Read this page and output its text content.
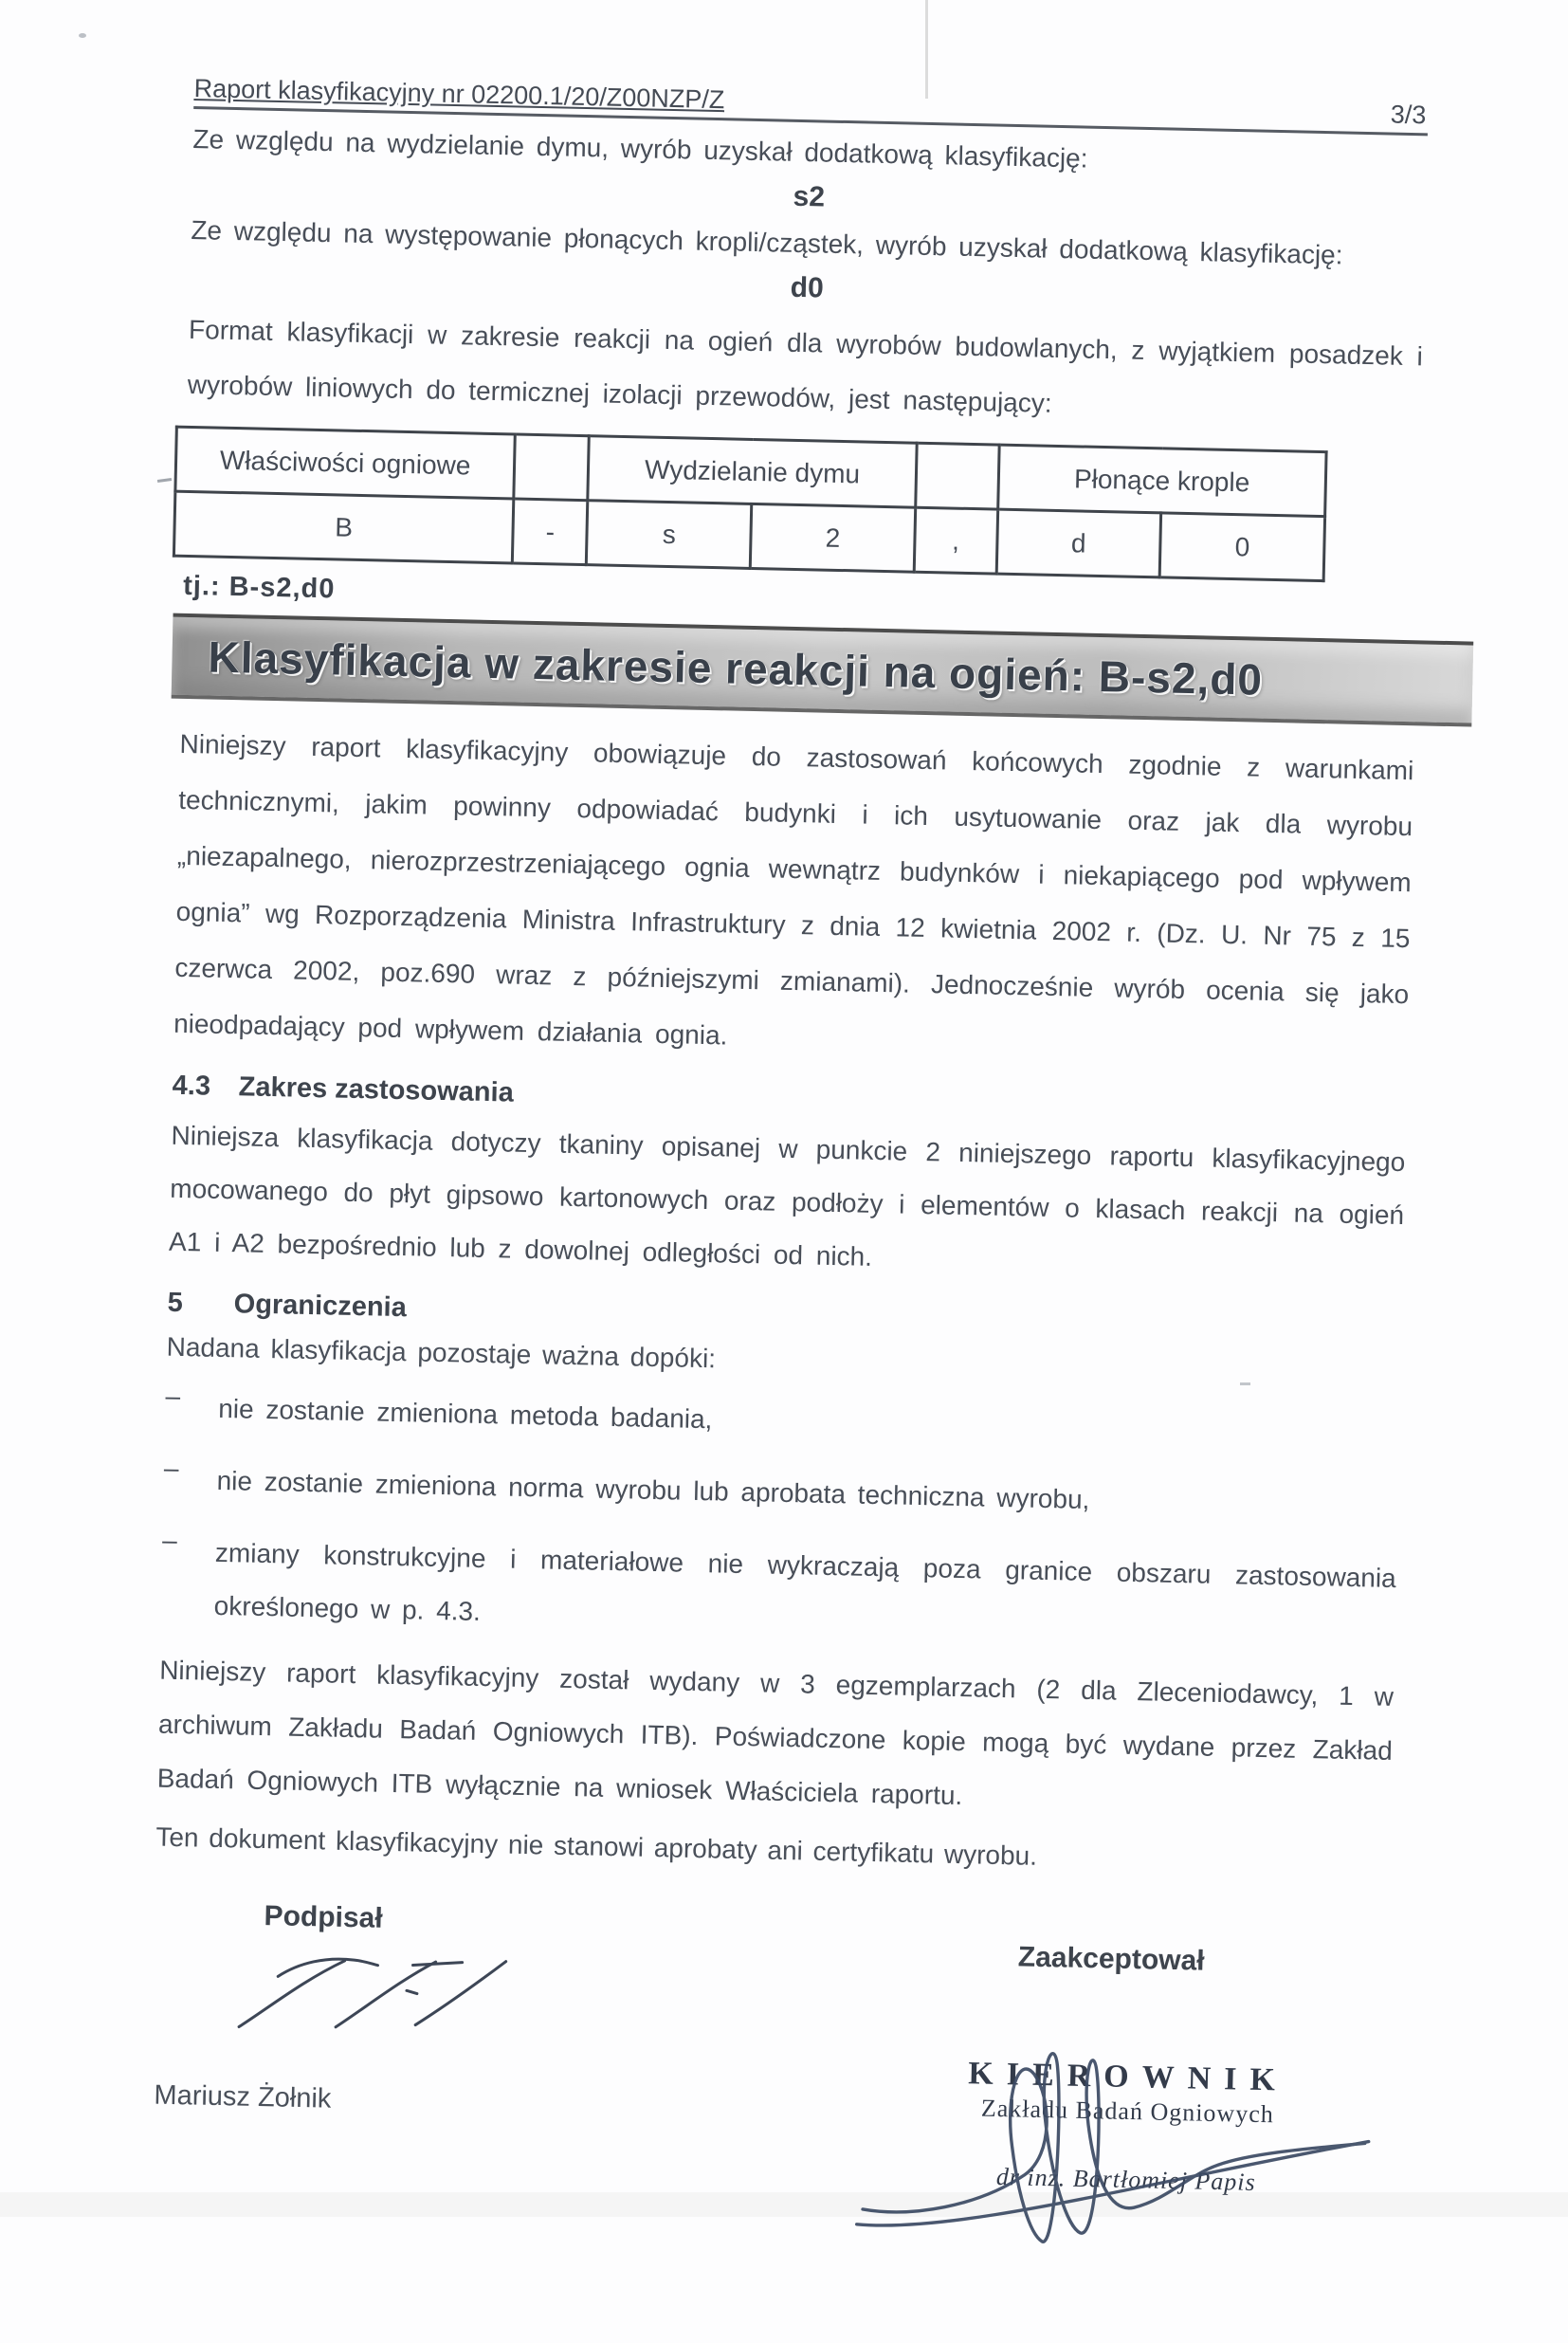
Raport klasyfikacyjny nr 02200.1/20/Z00NZP/Z
3/3
Ze względu na wydzielanie dymu, wyrób uzyskał dodatkową klasyfikację:
s2
Ze względu na występowanie płonących kropli/cząstek, wyrób uzyskał dodatkową klasyfikację:
d0
Format klasyfikacji w zakresie reakcji na ogień dla wyrobów budowlanych, z wyjątkiem posadzek i wyrobów liniowych do termicznej izolacji przewodów, jest następujący:
Właściwości ogniowe		Wydzielanie dymu			Płonące krople	
B	-	s	2	,	d	0
tj.: B-s2,d0
Klasyfikacja w zakresie reakcji na ogień: B-s2,d0
Niniejszy raport klasyfikacyjny obowiązuje do zastosowań końcowych zgodnie z warunkami technicznymi, jakim powinny odpowiadać budynki i ich usytuowanie oraz jak dla wyrobu „niezapalnego, nierozprzestrzeniającego ognia wewnątrz budynków i niekapiącego pod wpływem ognia” wg Rozporządzenia Ministra Infrastruktury z dnia 12 kwietnia 2002 r. (Dz. U. Nr 75 z 15 czerwca 2002, poz.690 wraz z późniejszymi zmianami). Jednocześnie wyrób ocenia się jako nieodpadający pod wpływem działania ognia.
4.3 Zakres zastosowania
Niniejsza klasyfikacja dotyczy tkaniny opisanej w punkcie 2 niniejszego raportu klasyfikacyjnego mocowanego do płyt gipsowo kartonowych oraz podłoży i elementów o klasach reakcji na ogień A1 i A2 bezpośrednio lub z dowolnej odległości od nich.
5 Ograniczenia
Nadana klasyfikacja pozostaje ważna dopóki:
–	nie zostanie zmieniona metoda badania,
–	nie zostanie zmieniona norma wyrobu lub aprobata techniczna wyrobu,
–	zmiany konstrukcyjne i materiałowe nie wykraczają poza granice obszaru zastosowania określonego w p. 4.3.
Niniejszy raport klasyfikacyjny został wydany w 3 egzemplarzach (2 dla Zleceniodawcy, 1 w archiwum Zakładu Badań Ogniowych ITB). Poświadczone kopie mogą być wydane przez Zakład Badań Ogniowych ITB wyłącznie na wniosek Właściciela raportu.
Ten dokument klasyfikacyjny nie stanowi aprobaty ani certyfikatu wyrobu.
Podpisał
Mariusz Żołnik
Zaakceptował
KIEROWNIK
Zakładu Badań Ogniowych
dr inż. Bartłomiej Papis
